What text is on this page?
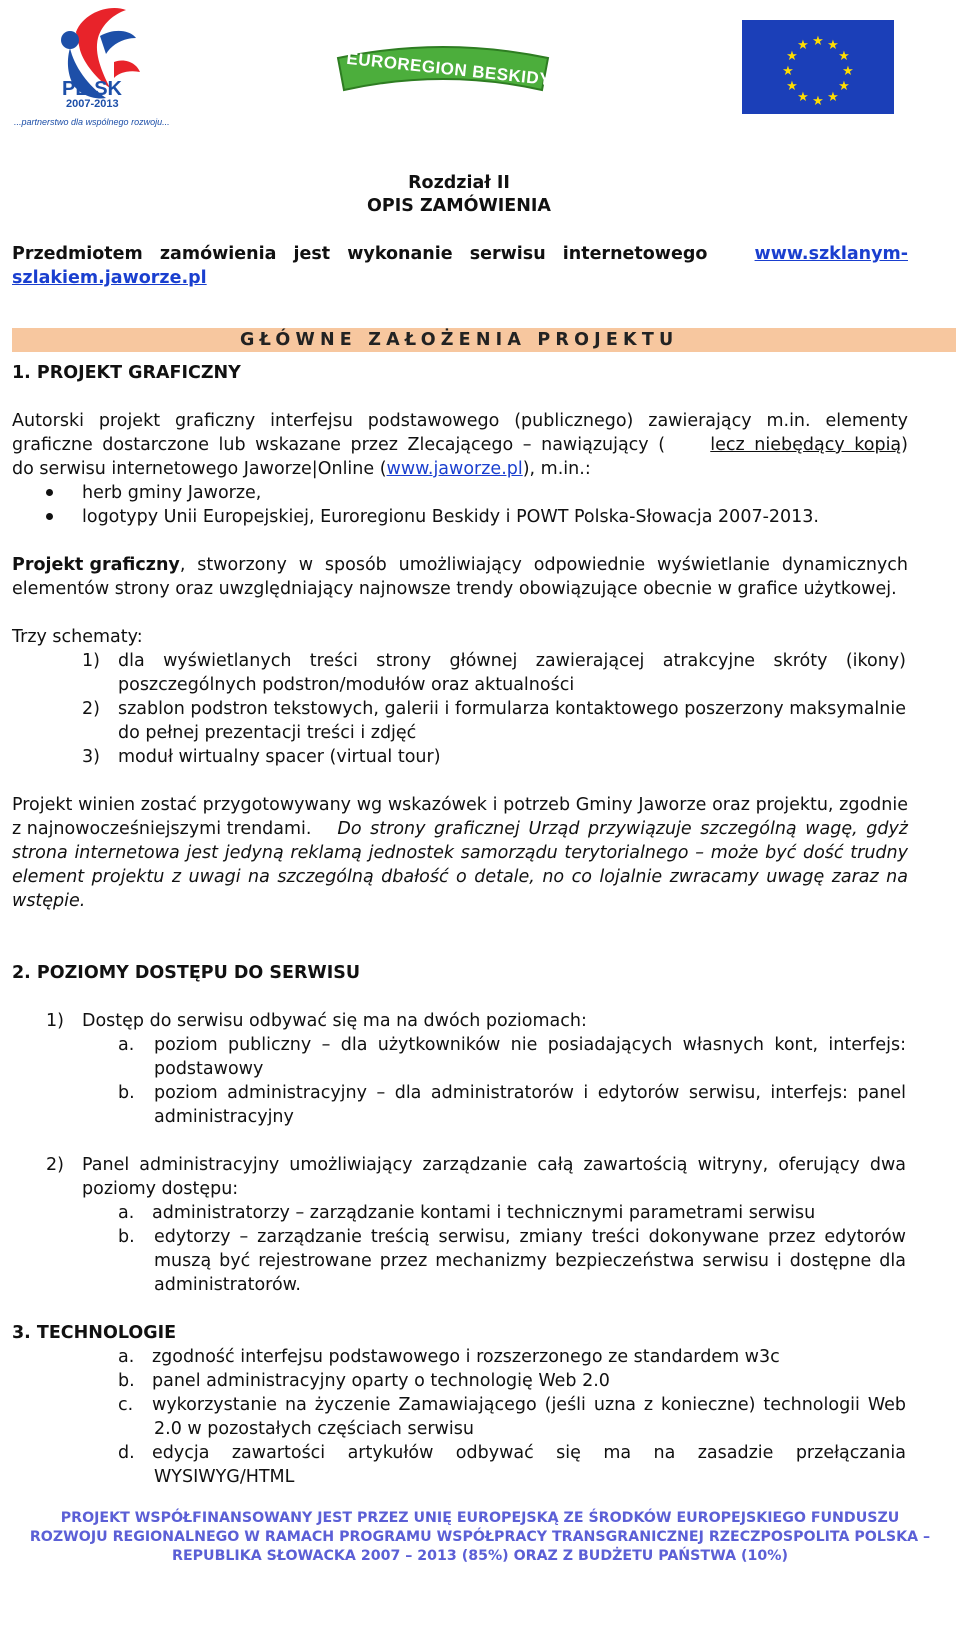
PL-SK
2007-2013
...partnerstwo dla wspólnego rozwoju...
EUROREGION BESKIDY
★ ★
★
★
★
★
★
★
★
★
★
★
Rozdział II
OPIS ZAMÓWIENIA
Przedmiotem zamówienia jest wykonanie serwisu internetowego	www.szklanym-
szlakiem.jaworze.pl
GŁÓWNE ZAŁOŻENIA PROJEKTU
1. PROJEKT GRAFICZNY
Autorski projekt graficzny interfejsu podstawowego (publicznego) zawierający m.in. elementy
graficzne dostarczone lub wskazane przez Zlecającego – nawiązujący (	lecz niebędący kopią )
do serwisu internetowego Jaworze|Online (www.jaworze.pl), m.in.:
herb gminy Jaworze,
logotypy Unii Europejskiej, Euroregionu Beskidy i POWT Polska-Słowacja 2007-2013.
Projekt graficzny , stworzony w sposób umożliwiający odpowiednie wyświetlanie dynamicznych
elementów strony oraz uwzględniający najnowsze trendy obowiązujące obecnie w grafice użytkowej.
Trzy schematy:
1) dla wyświetlanych treści strony głównej zawierającej atrakcyjne skróty (ikony)
poszczególnych podstron/modułów oraz aktualności
2) szablon podstron tekstowych, galerii i formularza kontaktowego poszerzony maksymalnie
do pełnej prezentacji treści i zdjęć
3) moduł wirtualny spacer (virtual tour)
Projekt winien zostać przygotowywany wg wskazówek i potrzeb Gminy Jaworze oraz projektu, zgodnie
z najnowocześniejszymi trendami. Do strony graficznej Urząd przywiązuje szczególną wagę, gdyż
strona internetowa jest jedyną reklamą jednostek samorządu terytorialnego – może być dość trudny
element projektu z uwagi na szczególną dbałość o detale, no co lojalnie zwracamy uwagę zaraz na
wstępie.
2. POZIOMY DOSTĘPU DO SERWISU
1) Dostęp do serwisu odbywać się ma na dwóch poziomach:
a. poziom publiczny – dla użytkowników nie posiadających własnych kont, interfejs:
podstawowy
b. poziom administracyjny – dla administratorów i edytorów serwisu, interfejs: panel
administracyjny
2) Panel administracyjny umożliwiający zarządzanie całą zawartością witryny, oferujący dwa
poziomy dostępu:
a. administratorzy – zarządzanie kontami i technicznymi parametrami serwisu
b. edytorzy – zarządzanie treścią serwisu, zmiany treści dokonywane przez edytorów
muszą być rejestrowane przez mechanizmy bezpieczeństwa serwisu i dostępne dla
administratorów.
3. TECHNOLOGIE
a. zgodność interfejsu podstawowego i rozszerzonego ze standardem w3c
b. panel administracyjny oparty o technologię Web 2.0
c. wykorzystanie na życzenie Zamawiającego (jeśli uzna z konieczne) technologii Web
2.0 w pozostałych częściach serwisu
d. edycja zawartości artykułów odbywać się ma na zasadzie przełączania
WYSIWYG/HTML
PROJEKT WSPÓŁFINANSOWANY JEST PRZEZ UNIĘ EUROPEJSKĄ ZE ŚRODKÓW EUROPEJSKIEGO FUNDUSZU
ROZWOJU REGIONALNEGO W RAMACH PROGRAMU WSPÓŁPRACY TRANSGRANICZNEJ RZECZPOSPOLITA POLSKA –
REPUBLIKA SŁOWACKA 2007 – 2013 (85%) ORAZ Z BUDŻETU PAŃSTWA (10%)
